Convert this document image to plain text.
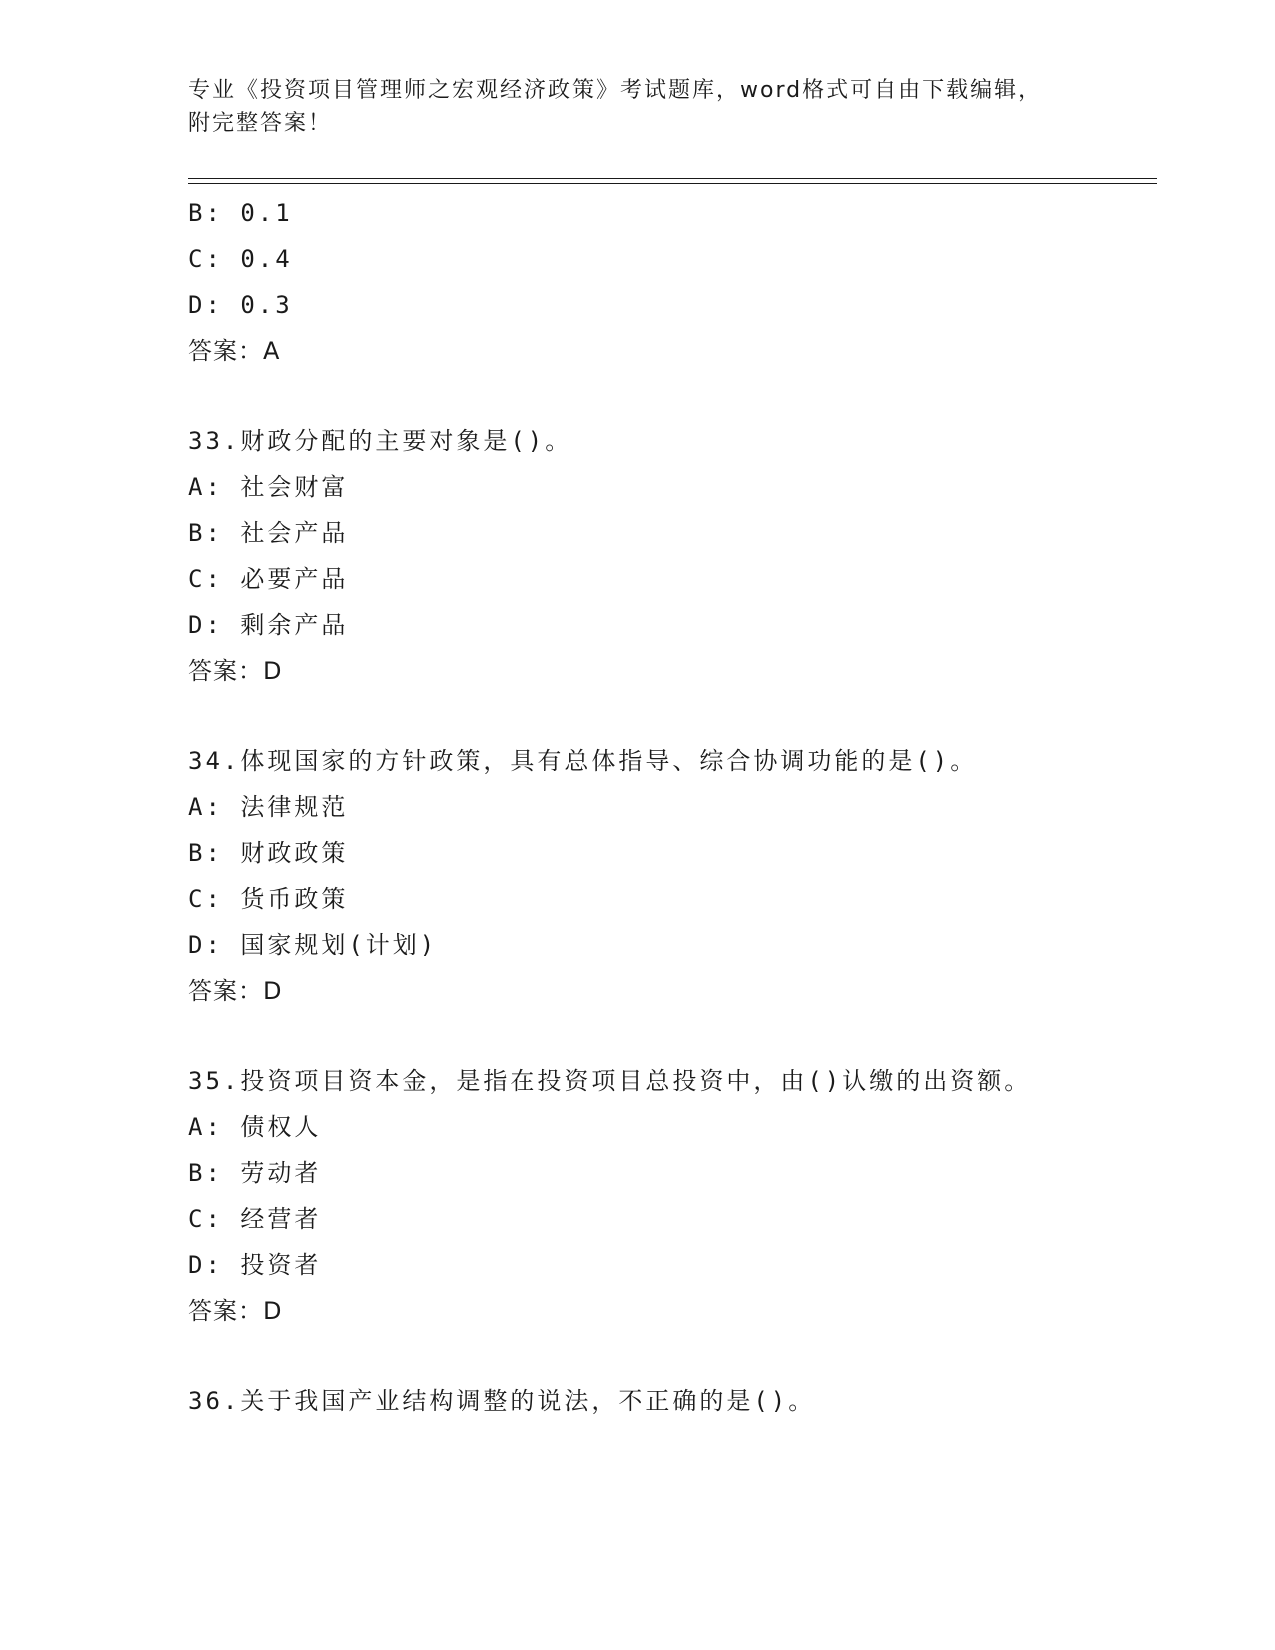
专业《投资项目管理师之宏观经济政策》考试题库，word格式可自由下载编辑，
附完整答案！
B: 0.1
C: 0.4
D: 0.3
答案：A
33.财政分配的主要对象是()。
A: 社会财富
B: 社会产品
C: 必要产品
D: 剩余产品
答案：D
34.体现国家的方针政策，具有总体指导、综合协调功能的是()。
A: 法律规范
B: 财政政策
C: 货币政策
D: 国家规划(计划)
答案：D
35.投资项目资本金，是指在投资项目总投资中，由()认缴的出资额。
A: 债权人
B: 劳动者
C: 经营者
D: 投资者
答案：D
36.关于我国产业结构调整的说法，不正确的是()。
